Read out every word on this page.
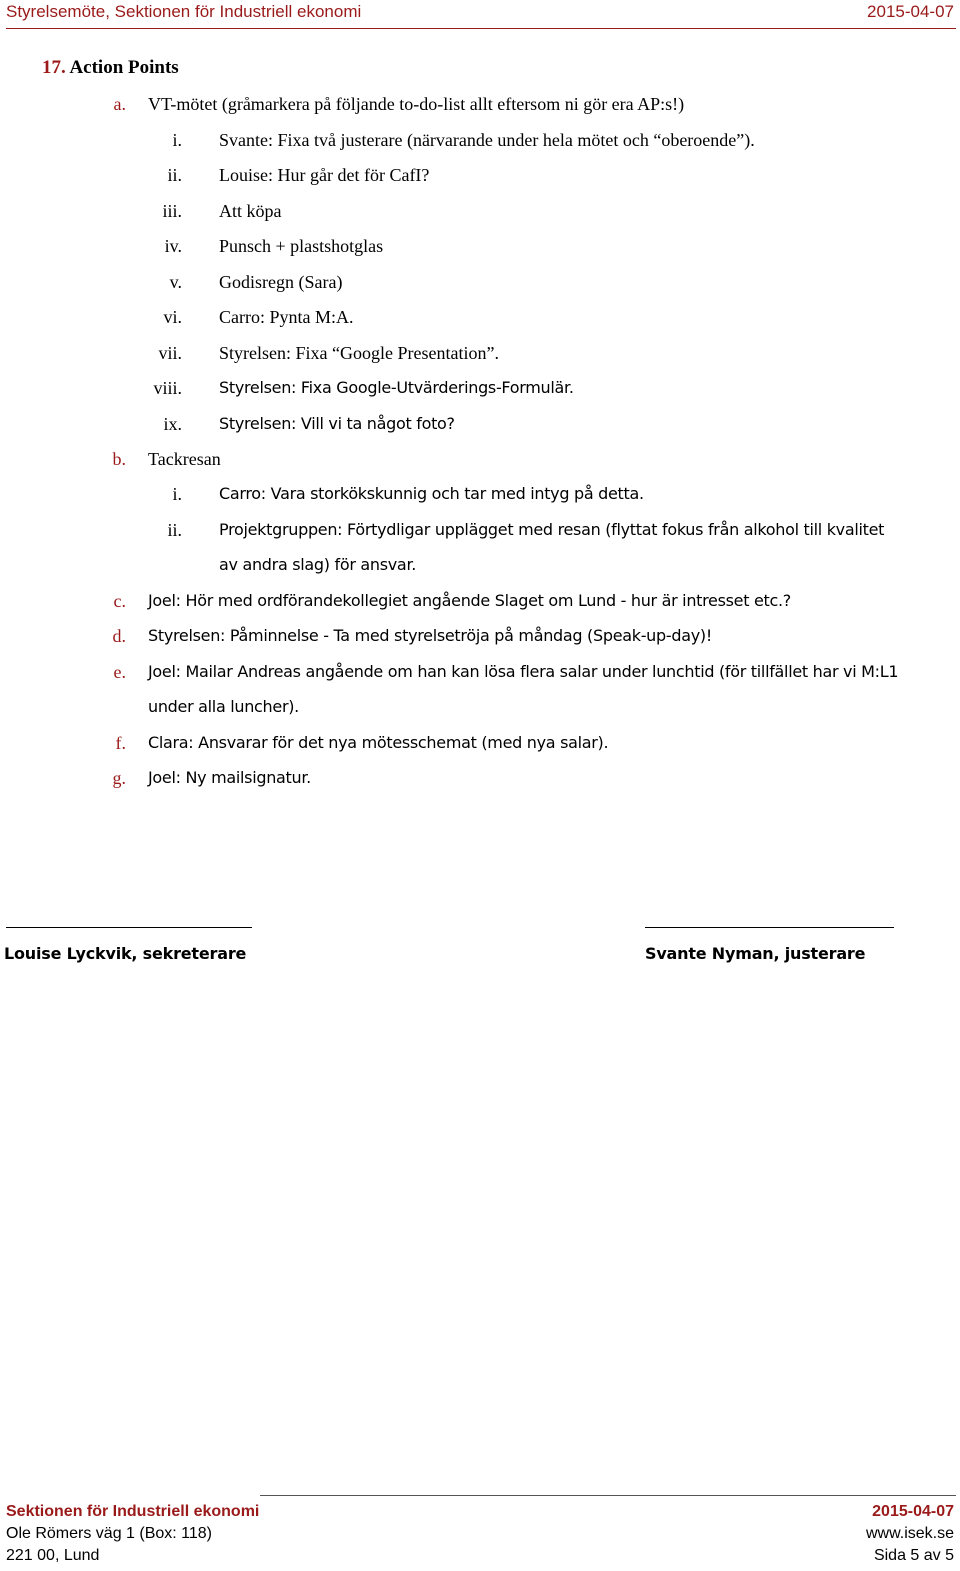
Styrelsemöte, Sektionen för Industriell ekonomi	2015-04-07
17. Action Points
a. VT-mötet (gråmarkera på följande to-do-list allt eftersom ni gör era AP:s!)
i. Svante: Fixa två justerare (närvarande under hela mötet och “oberoende”).
ii. Louise: Hur går det för CafI?
iii. Att köpa
iv. Punsch + plastshotglas
v. Godisregn (Sara)
vi. Carro: Pynta M:A.
vii. Styrelsen: Fixa “Google Presentation”.
viii. Styrelsen: Fixa Google-Utvärderings-Formulär.
ix. Styrelsen: Vill vi ta något foto?
b. Tackresan
i. Carro: Vara storkökskunnig och tar med intyg på detta.
ii. Projektgruppen: Förtydligar upplägget med resan (flyttat fokus från alkohol till kvalitet
av andra slag) för ansvar.
c. Joel: Hör med ordförandekollegiet angående Slaget om Lund - hur är intresset etc.?
d. Styrelsen: Påminnelse - Ta med styrelsetröja på måndag (Speak-up-day)!
e. Joel: Mailar Andreas angående om han kan lösa flera salar under lunchtid (för tillfället har vi M:L1
under alla luncher).
f. Clara: Ansvarar för det nya mötesschemat (med nya salar).
g. Joel: Ny mailsignatur.
Louise Lyckvik, sekreterare	Svante Nyman, justerare
Sektionen för Industriell ekonomi	2015-04-07
Ole Römers väg 1 (Box: 118)	www.isek.se
221 00, Lund	Sida 5 av 5
